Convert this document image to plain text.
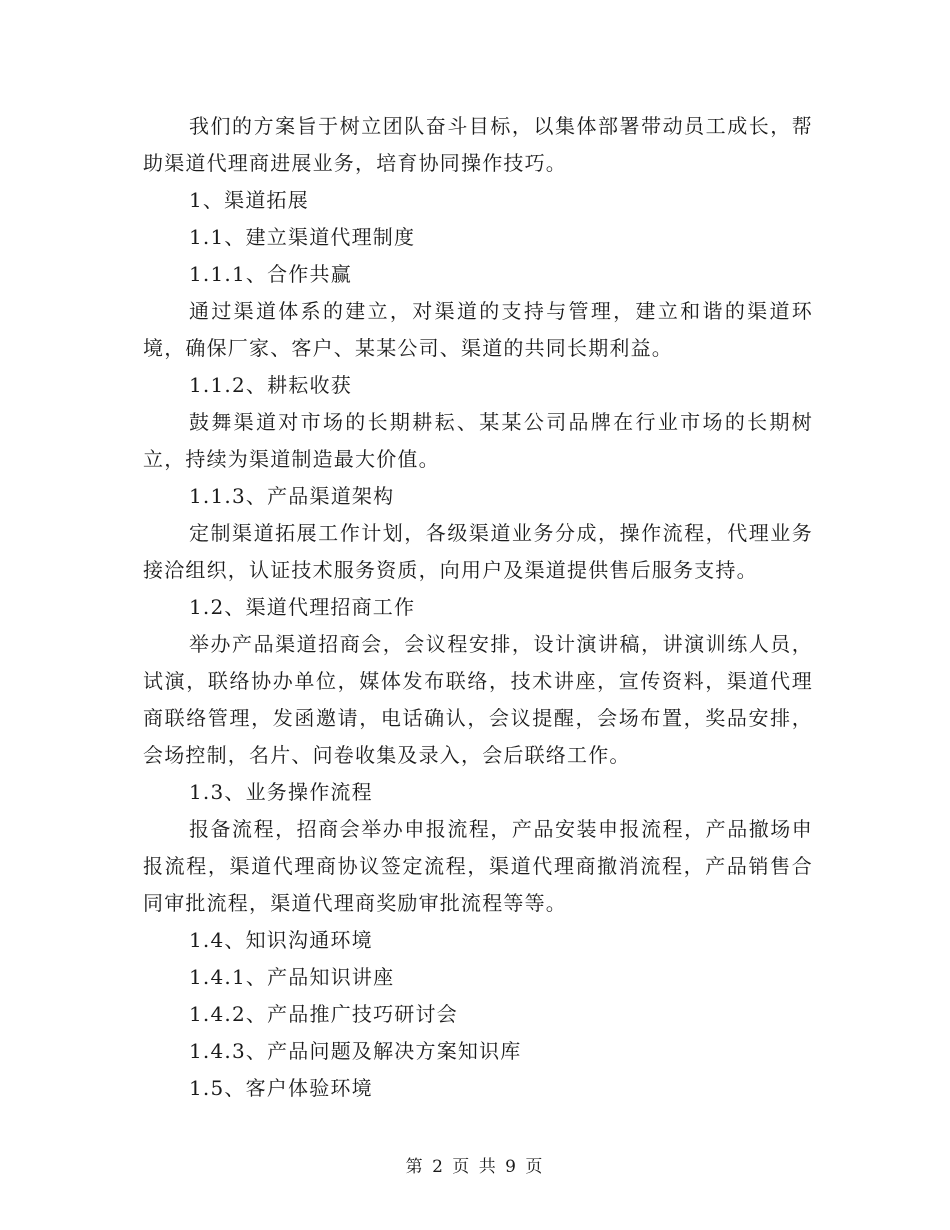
我们的方案旨于树立团队奋斗目标，以集体部署带动员工成长，帮助渠道代理商进展业务，培育协同操作技巧。

1、渠道拓展

1.1、建立渠道代理制度

1.1.1、合作共赢

通过渠道体系的建立，对渠道的支持与管理，建立和谐的渠道环境，确保厂家、客户、某某公司、渠道的共同长期利益。

1.1.2、耕耘收获

鼓舞渠道对市场的长期耕耘、某某公司品牌在行业市场的长期树立，持续为渠道制造最大价值。

1.1.3、产品渠道架构

定制渠道拓展工作计划，各级渠道业务分成，操作流程，代理业务接洽组织，认证技术服务资质，向用户及渠道提供售后服务支持。

1.2、渠道代理招商工作

举办产品渠道招商会，会议程安排，设计演讲稿，讲演训练人员，试演，联络协办单位，媒体发布联络，技术讲座，宣传资料，渠道代理商联络管理，发函邀请，电话确认，会议提醒，会场布置，奖品安排，会场控制，名片、问卷收集及录入，会后联络工作。

1.3、业务操作流程

报备流程，招商会举办申报流程，产品安装申报流程，产品撤场申报流程，渠道代理商协议签定流程，渠道代理商撤消流程，产品销售合同审批流程，渠道代理商奖励审批流程等等。

1.4、知识沟通环境

1.4.1、产品知识讲座

1.4.2、产品推广技巧研讨会

1.4.3、产品问题及解决方案知识库

1.5、客户体验环境

第 2 页 共 9 页
